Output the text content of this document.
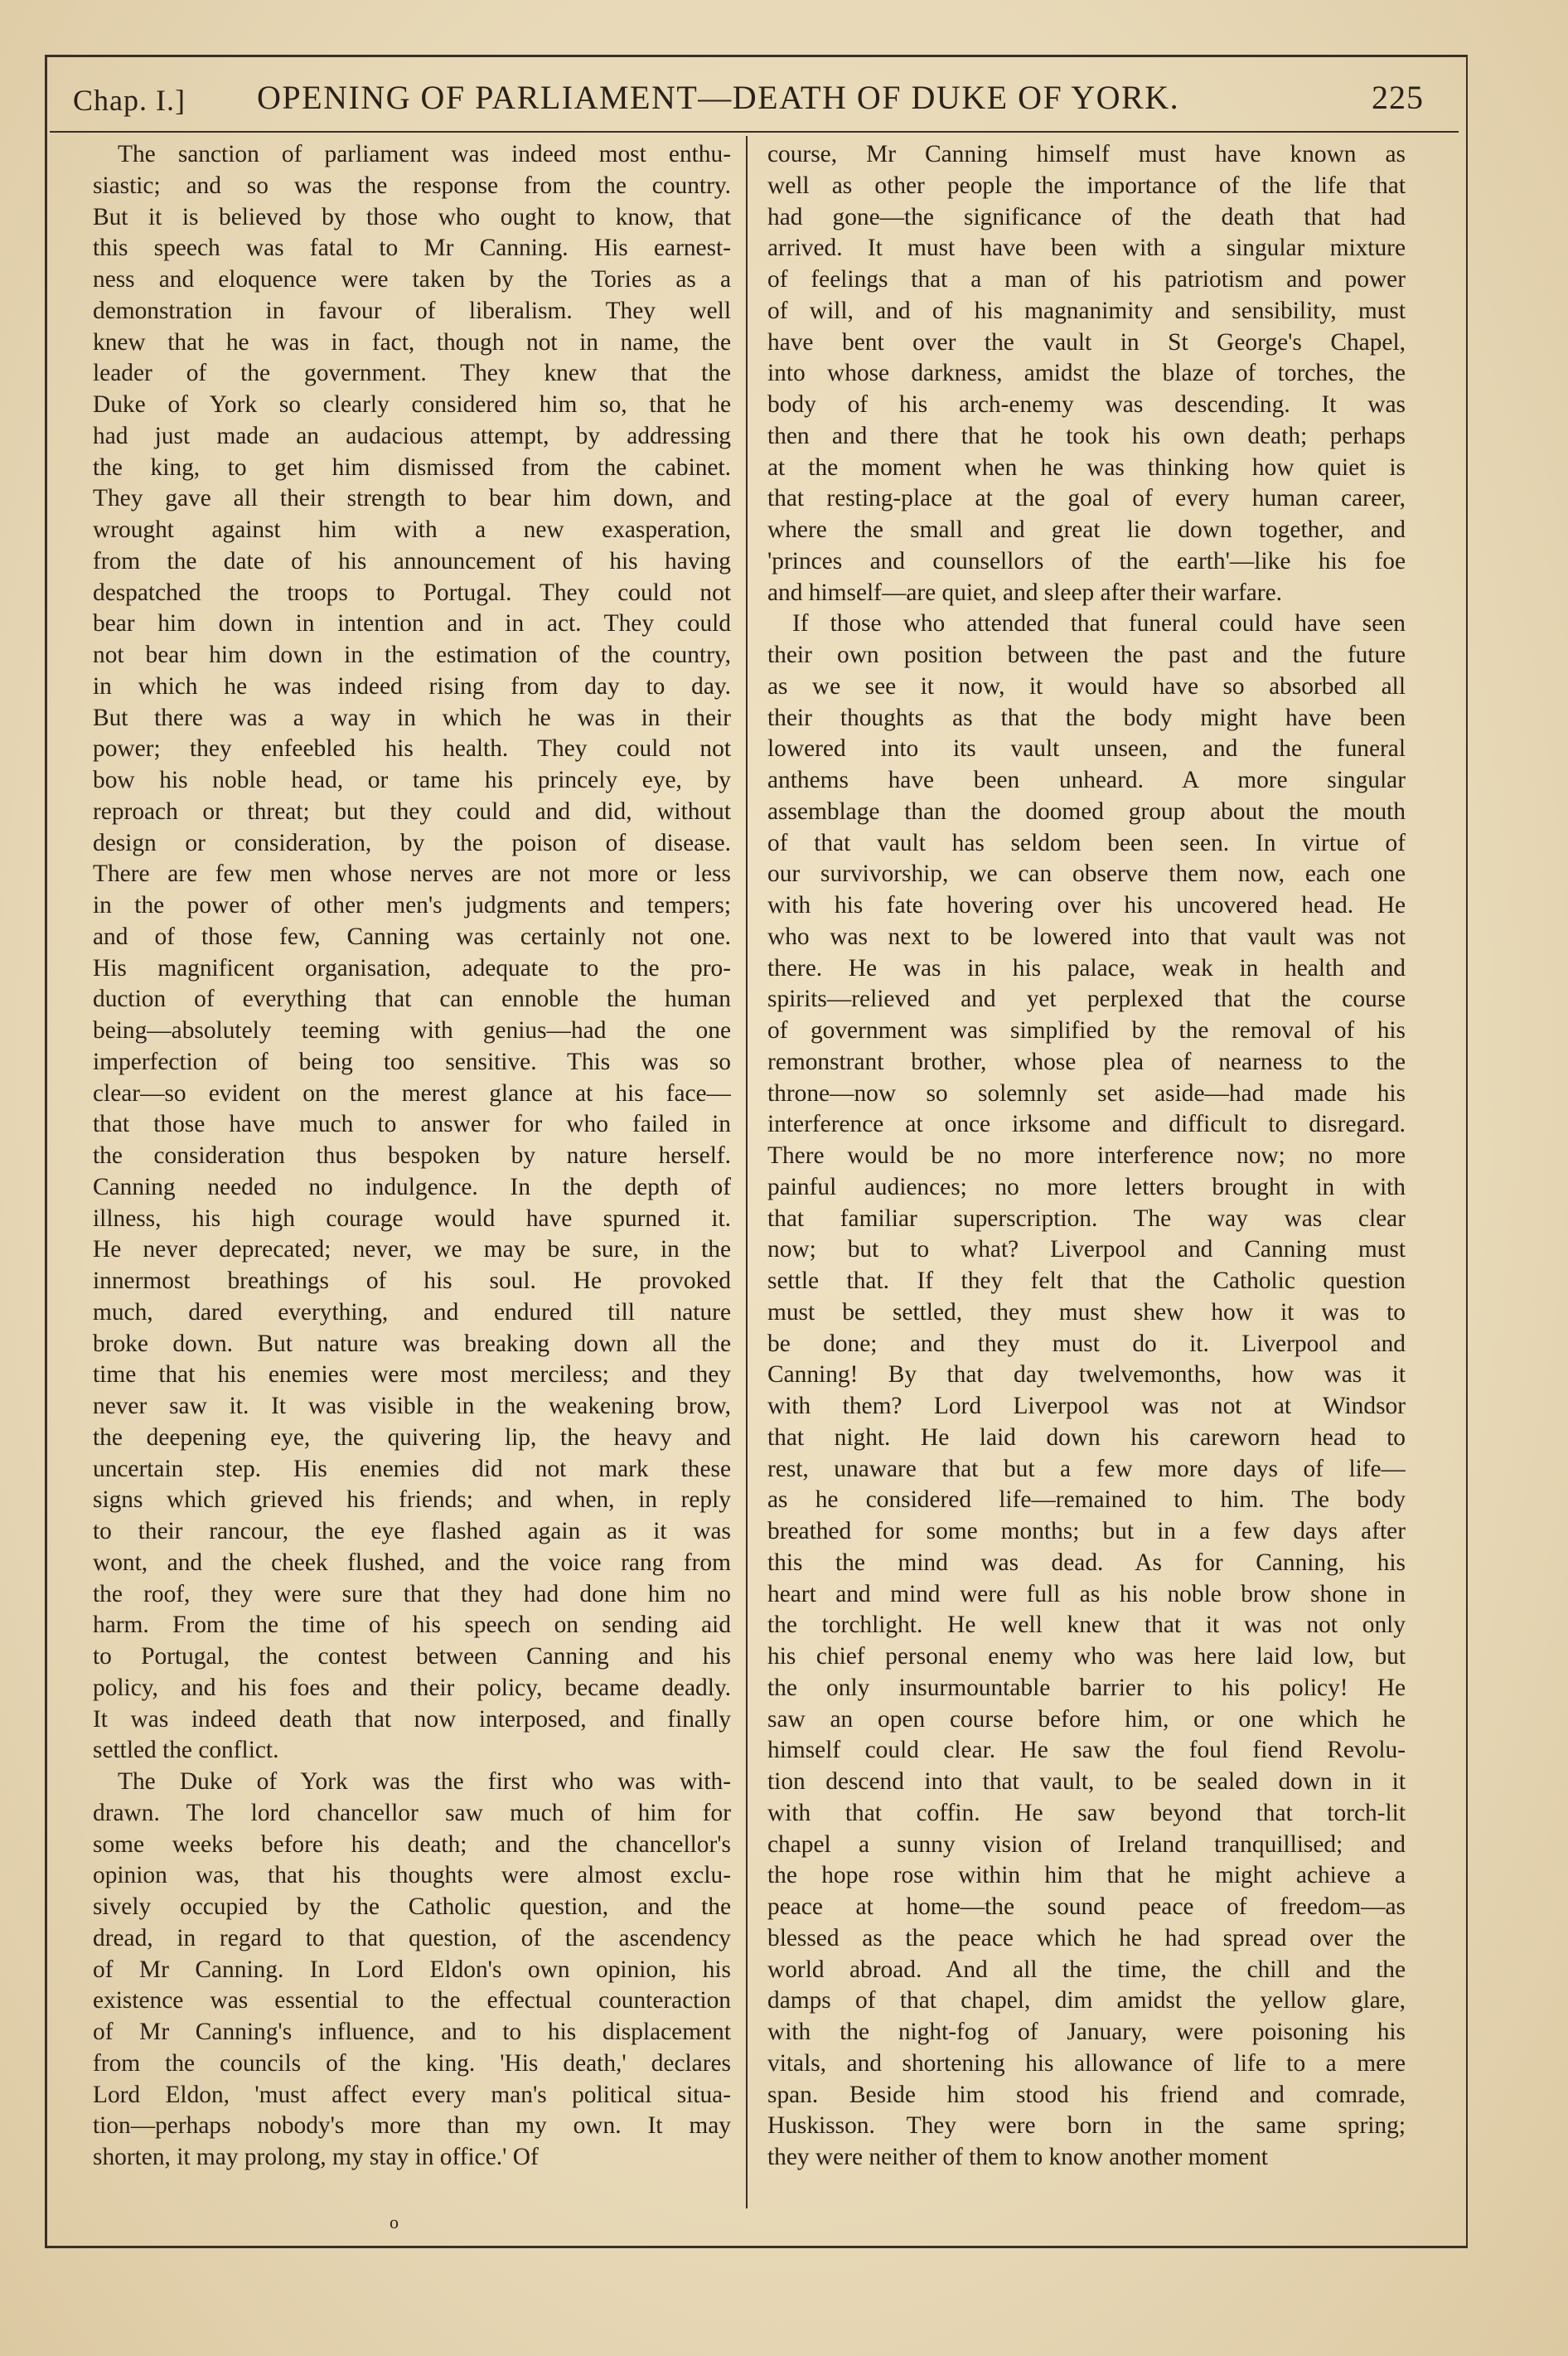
Chap. I.] OPENING OF PARLIAMENT—DEATH OF DUKE OF YORK.	225
The sanction of parliament was indeed most enthu-
siastic; and so was the response from the country.
But it is believed by those who ought to know, that
this speech was fatal to Mr Canning. His earnest-
ness and eloquence were taken by the Tories as a
demonstration in favour of liberalism. They well
knew that he was in fact, though not in name, the
leader of the government. They knew that the
Duke of York so clearly considered him so, that he
had just made an audacious attempt, by addressing
the king, to get him dismissed from the cabinet.
They gave all their strength to bear him down, and
wrought against him with a new exasperation,
from the date of his announcement of his having
despatched the troops to Portugal. They could not
bear him down in intention and in act. They could
not bear him down in the estimation of the country,
in which he was indeed rising from day to day.
But there was a way in which he was in their
power; they enfeebled his health. They could not
bow his noble head, or tame his princely eye, by
reproach or threat; but they could and did, without
design or consideration, by the poison of disease.
There are few men whose nerves are not more or less
in the power of other men's judgments and tempers;
and of those few, Canning was certainly not one.
His magnificent organisation, adequate to the pro-
duction of everything that can ennoble the human
being—absolutely teeming with genius—had the one
imperfection of being too sensitive. This was so
clear—so evident on the merest glance at his face—
that those have much to answer for who failed in
the consideration thus bespoken by nature herself.
Canning needed no indulgence. In the depth of
illness, his high courage would have spurned it.
He never deprecated; never, we may be sure, in the
innermost breathings of his soul. He provoked
much, dared everything, and endured till nature
broke down. But nature was breaking down all the
time that his enemies were most merciless; and they
never saw it. It was visible in the weakening brow,
the deepening eye, the quivering lip, the heavy and
uncertain step. His enemies did not mark these
signs which grieved his friends; and when, in reply
to their rancour, the eye flashed again as it was
wont, and the cheek flushed, and the voice rang from
the roof, they were sure that they had done him no
harm. From the time of his speech on sending aid
to Portugal, the contest between Canning and his
policy, and his foes and their policy, became deadly.
It was indeed death that now interposed, and finally
settled the conflict.
The Duke of York was the first who was with-
drawn. The lord chancellor saw much of him for
some weeks before his death; and the chancellor's
opinion was, that his thoughts were almost exclu-
sively occupied by the Catholic question, and the
dread, in regard to that question, of the ascendency
of Mr Canning. In Lord Eldon's own opinion, his
existence was essential to the effectual counteraction
of Mr Canning's influence, and to his displacement
from the councils of the king. 'His death,' declares
Lord Eldon, 'must affect every man's political situa-
tion—perhaps nobody's more than my own. It may
shorten, it may prolong, my stay in office.' Of
course, Mr Canning himself must have known as
well as other people the importance of the life that
had gone—the significance of the death that had
arrived. It must have been with a singular mixture
of feelings that a man of his patriotism and power
of will, and of his magnanimity and sensibility, must
have bent over the vault in St George's Chapel,
into whose darkness, amidst the blaze of torches, the
body of his arch-enemy was descending. It was
then and there that he took his own death; perhaps
at the moment when he was thinking how quiet is
that resting-place at the goal of every human career,
where the small and great lie down together, and
'princes and counsellors of the earth'—like his foe
and himself—are quiet, and sleep after their warfare.
If those who attended that funeral could have seen
their own position between the past and the future
as we see it now, it would have so absorbed all
their thoughts as that the body might have been
lowered into its vault unseen, and the funeral
anthems have been unheard. A more singular
assemblage than the doomed group about the mouth
of that vault has seldom been seen. In virtue of
our survivorship, we can observe them now, each one
with his fate hovering over his uncovered head. He
who was next to be lowered into that vault was not
there. He was in his palace, weak in health and
spirits—relieved and yet perplexed that the course
of government was simplified by the removal of his
remonstrant brother, whose plea of nearness to the
throne—now so solemnly set aside—had made his
interference at once irksome and difficult to disregard.
There would be no more interference now; no more
painful audiences; no more letters brought in with
that familiar superscription. The way was clear
now; but to what? Liverpool and Canning must
settle that. If they felt that the Catholic question
must be settled, they must shew how it was to
be done; and they must do it. Liverpool and
Canning! By that day twelvemonths, how was it
with them? Lord Liverpool was not at Windsor
that night. He laid down his careworn head to
rest, unaware that but a few more days of life—
as he considered life—remained to him. The body
breathed for some months; but in a few days after
this the mind was dead. As for Canning, his
heart and mind were full as his noble brow shone in
the torchlight. He well knew that it was not only
his chief personal enemy who was here laid low, but
the only insurmountable barrier to his policy! He
saw an open course before him, or one which he
himself could clear. He saw the foul fiend Revolu-
tion descend into that vault, to be sealed down in it
with that coffin. He saw beyond that torch-lit
chapel a sunny vision of Ireland tranquillised; and
the hope rose within him that he might achieve a
peace at home—the sound peace of freedom—as
blessed as the peace which he had spread over the
world abroad. And all the time, the chill and the
damps of that chapel, dim amidst the yellow glare,
with the night-fog of January, were poisoning his
vitals, and shortening his allowance of life to a mere
span. Beside him stood his friend and comrade,
Huskisson. They were born in the same spring;
they were neither of them to know another moment
o
